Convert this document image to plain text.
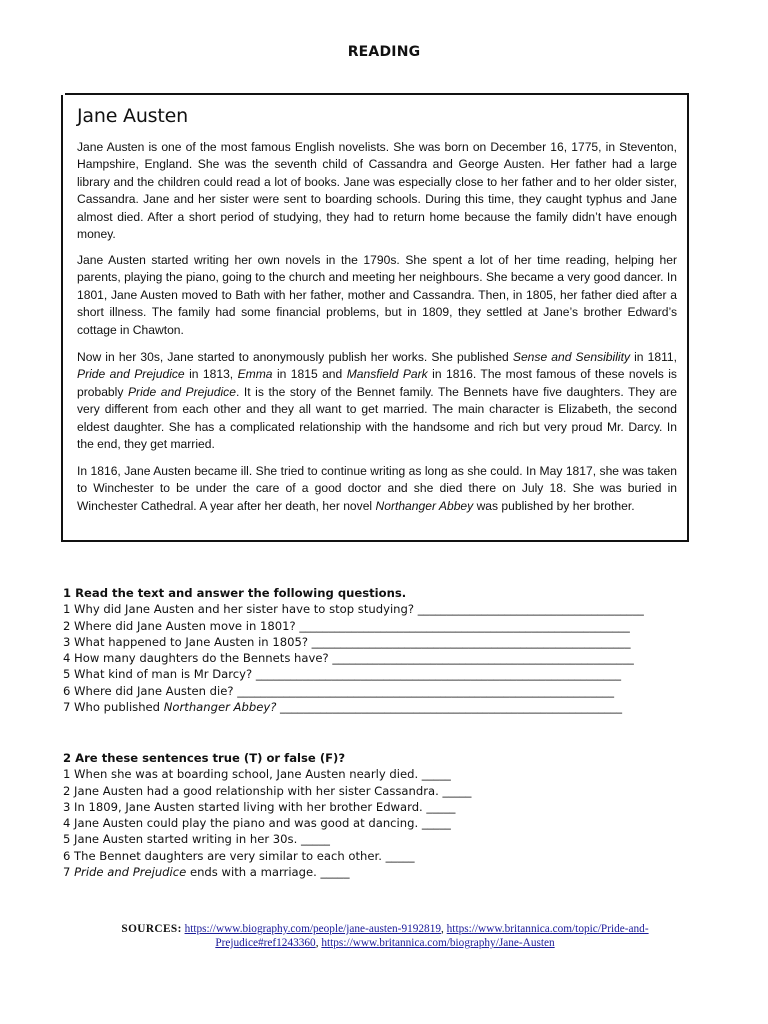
READING
Jane Austen

Jane Austen is one of the most famous English novelists. She was born on December 16, 1775, in Steventon, Hampshire, England. She was the seventh child of Cassandra and George Austen. Her father had a large library and the children could read a lot of books. Jane was especially close to her father and to her older sister, Cassandra. Jane and her sister were sent to boarding schools. During this time, they caught typhus and Jane almost died. After a short period of studying, they had to return home because the family didn’t have enough money.

Jane Austen started writing her own novels in the 1790s. She spent a lot of her time reading, helping her parents, playing the piano, going to the church and meeting her neighbours. She became a very good dancer. In 1801, Jane Austen moved to Bath with her father, mother and Cassandra. Then, in 1805, her father died after a short illness. The family had some financial problems, but in 1809, they settled at Jane’s brother Edward’s cottage in Chawton.

Now in her 30s, Jane started to anonymously publish her works. She published Sense and Sensibility in 1811, Pride and Prejudice in 1813, Emma in 1815 and Mansfield Park in 1816. The most famous of these novels is probably Pride and Prejudice. It is the story of the Bennet family. The Bennets have five daughters. They are very different from each other and they all want to get married. The main character is Elizabeth, the second eldest daughter. She has a complicated relationship with the handsome and rich but very proud Mr. Darcy. In the end, they get married.

In 1816, Jane Austen became ill. She tried to continue writing as long as she could. In May 1817, she was taken to Winchester to be under the care of a good doctor and she died there on July 18. She was buried in Winchester Cathedral. A year after her death, her novel Northanger Abbey was published by her brother.

1 Read the text and answer the following questions.
1 Why did Jane Austen and her sister have to stop studying? _______________________________________
2 Where did Jane Austen move in 1801? _________________________________________________________
3 What happened to Jane Austen in 1805? _______________________________________________________
4 How many daughters do the Bennets have? ____________________________________________________
5 What kind of man is Mr Darcy? _______________________________________________________________
6 Where did Jane Austen die? _________________________________________________________________
7 Who published Northanger Abbey? ___________________________________________________________
2 Are these sentences true (T) or false (F)?
1 When she was at boarding school, Jane Austen nearly died. _____
2 Jane Austen had a good relationship with her sister Cassandra. _____
3 In 1809, Jane Austen started living with her brother Edward. _____
4 Jane Austen could play the piano and was good at dancing. _____
5 Jane Austen started writing in her 30s. _____
6 The Bennet daughters are very similar to each other. _____
7 Pride and Prejudice ends with a marriage. _____
SOURCES: https://www.biography.com/people/jane-austen-9192819, https://www.britannica.com/topic/Pride-and-Prejudice#ref1243360, https://www.britannica.com/biography/Jane-Austen
